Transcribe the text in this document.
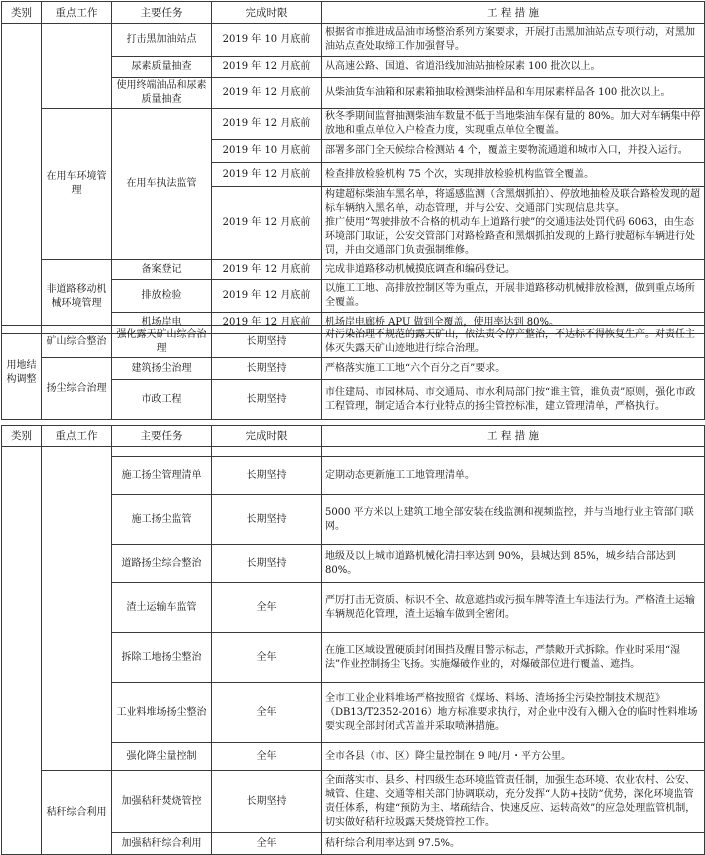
类别	重点工作	主要任务	完成时限	工 程 措 施
		打击黑加油站点	2019 年 10 月底前	根据省市推进成品油市场整治系列方案要求，开展打击黑加油站点专项行动，对黑加油站点查处取缔工作加强督导。
		尿素质量抽查	2019 年 12 月底前	从高速公路、国道、省道沿线加油站抽检尿素 100 批次以上。
		使用终端油品和尿素质量抽查	2019 年 12 月底前	从柴油货车油箱和尿素箱抽取检测柴油样品和车用尿素样品各 100 批次以上。
	在用车环境管理	在用车执法监管	2019 年 12 月底前	秋冬季期间监督抽测柴油车数量不低于当地柴油车保有量的 80%。加大对车辆集中停放地和重点单位入户检查力度，实现重点单位全覆盖。
			2019 年 10 月底前	部署多部门全天候综合检测站 4 个，覆盖主要物流通道和城市入口，并投入运行。
			2019 年 12 月底前	检查排放检验机构 75 个次，实现排放检验机构监管全覆盖。
			2019 年 12 月底前	构建超标柴油车黑名单，将遥感监测（含黑烟抓拍）、停放地抽检及联合路检发现的超标车辆纳入黑名单，动态管理，并与公安、交通部门实现信息共享。
推广使用“驾驶排放不合格的机动车上道路行驶”的交通违法处罚代码 6063，由生态环境部门取证，公安交管部门对路检路查和黑烟抓拍发现的上路行驶超标车辆进行处罚，并由交通部门负责强制维修。

	非道路移动机械环境管理	备案登记	2019 年 12 月底前	完成非道路移动机械摸底调查和编码登记。
		排放检验	2019 年 12 月底前	以施工工地、高排放控制区等为重点，开展非道路移动机械排放检测，做到重点场所全覆盖。
		机场岸电	2019 年 12 月底前	机场岸电廊桥 APU 做到全覆盖，使用率达到 80%。
用地结构调整	矿山综合整治	强化露天矿山综合治理	长期坚持	对污染治理不规范的露天矿山，依法责令停产整治，不达标不得恢复生产。对责任主体灭失露天矿山迹地进行综合治理。
	扬尘综合治理	建筑扬尘治理	长期坚持	严格落实施工工地“六个百分之百”要求。
		市政工程	长期坚持	市住建局、市园林局、市交通局、市水利局部门按“谁主管，谁负责”原则，强化市政工程管理，制定适合本行业特点的扬尘管控标准，建立管理清单，严格执行。
类别	重点工作	主要任务	完成时限	工 程 措 施

		施工扬尘管理清单	长期坚持	定期动态更新施工工地管理清单。
		施工扬尘监管	长期坚持	5000 平方米以上建筑工地全部安装在线监测和视频监控，并与当地行业主管部门联网。
		道路扬尘综合整治	长期坚持	地级及以上城市道路机械化清扫率达到 90%，县城达到 85%，城乡结合部达到 80%。
		渣土运输车监管	全年	严厉打击无资质、标识不全、故意遮挡或污损车牌等渣土车违法行为。严格渣土运输车辆规范化管理，渣土运输车做到全密闭。
		拆除工地扬尘整治	全年	在施工区域设置硬质封闭围挡及醒目警示标志，严禁敞开式拆除。作业时采用“湿法”作业控制扬尘飞扬。实施爆破作业的，对爆破部位进行覆盖、遮挡。
		工业料堆场扬尘整治	全年	全市工业企业料堆场严格按照省《煤场、料场、渣场扬尘污染控制技术规范》（DB13/T2352-2016）地方标准要求执行，对企业中没有入棚入仓的临时性料堆场要实现全部封闭式苫盖并采取喷淋措施。
		强化降尘量控制	全年	全市各县（市、区）降尘量控制在 9 吨/月・平方公里。
	秸秆综合利用	加强秸秆焚烧管控	长期坚持	全面落实市、县乡、村四级生态环境监管责任制，加强生态环境、农业农村、公安、城管、住建、交通等相关部门协调联动，充分发挥“人防+技防”优势，深化环境监管责任体系，构建“预防为主、堵疏结合、快速反应、运转高效”的应急处理监管机制，切实做好秸秆垃圾露天焚烧管控工作。
		加强秸秆综合利用	全年	秸秆综合利用率达到 97.5%。
